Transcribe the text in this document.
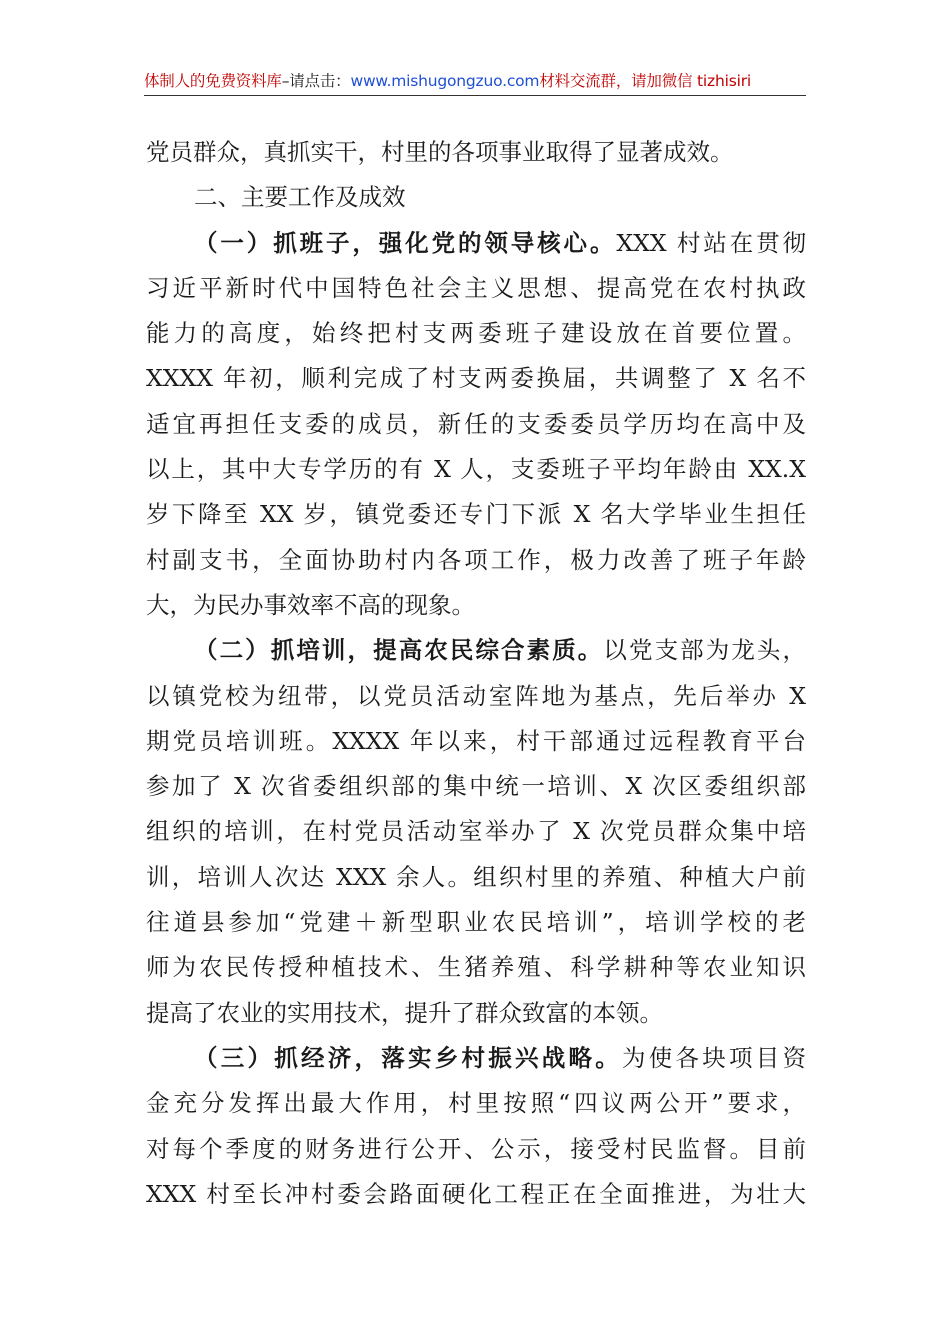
体制人的免费资料库–请点击：www.mishugongzuo.com材料交流群，请加微信 tizhisiri
党员群众，真抓实干，村里的各项事业取得了显著成效。
二、主要工作及成效
（一）抓班子，强化党的领导核心。XXX 村站在贯彻
习近平新时代中国特色社会主义思想、提高党在农村执政
能力的高度，始终把村支两委班子建设放在首要位置。
XXXX 年初，顺利完成了村支两委换届，共调整了 X 名不
适宜再担任支委的成员，新任的支委委员学历均在高中及
以上，其中大专学历的有 X 人，支委班子平均年龄由 XX.X
岁下降至 XX 岁，镇党委还专门下派 X 名大学毕业生担任
村副支书，全面协助村内各项工作，极力改善了班子年龄
大，为民办事效率不高的现象。
（二）抓培训，提高农民综合素质。以党支部为龙头，
以镇党校为纽带，以党员活动室阵地为基点，先后举办 X
期党员培训班。XXXX 年以来，村干部通过远程教育平台
参加了 X 次省委组织部的集中统一培训、X 次区委组织部
组织的培训，在村党员活动室举办了 X 次党员群众集中培
训，培训人次达 XXX 余人。组织村里的养殖、种植大户前
往道县参加“党建＋新型职业农民培训”，培训学校的老
师为农民传授种植技术、生猪养殖、科学耕种等农业知识
提高了农业的实用技术，提升了群众致富的本领。
（三）抓经济，落实乡村振兴战略。为使各块项目资
金充分发挥出最大作用，村里按照“四议两公开”要求，
对每个季度的财务进行公开、公示，接受村民监督。目前
XXX 村至长冲村委会路面硬化工程正在全面推进，为壮大
